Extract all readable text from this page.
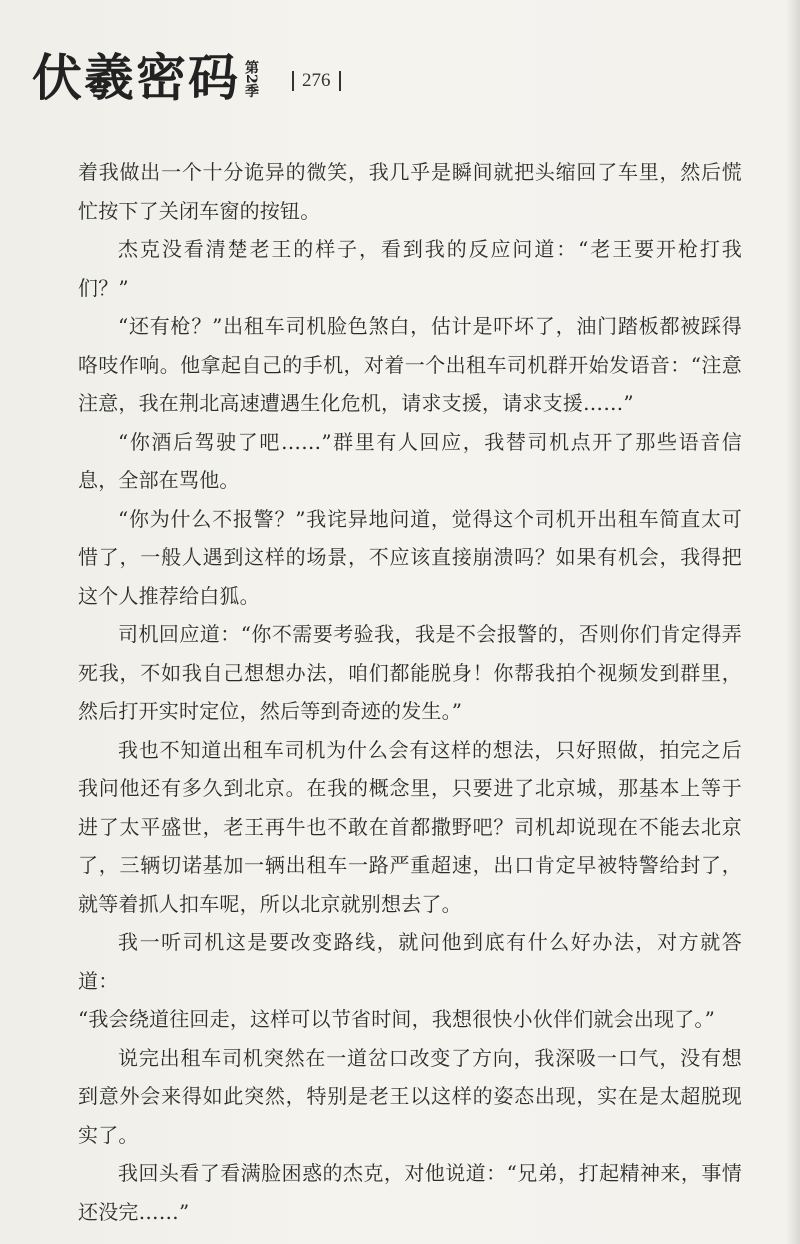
伏羲密码 第2季 276

着我做出一个十分诡异的微笑，我几乎是瞬间就把头缩回了车里，然后慌忙按下了关闭车窗的按钮。

杰克没看清楚老王的样子，看到我的反应问道：“老王要开枪打我们？”

“还有枪？”出租车司机脸色煞白，估计是吓坏了，油门踏板都被踩得咯吱作响。他拿起自己的手机，对着一个出租车司机群开始发语音：“注意注意，我在荆北高速遭遇生化危机，请求支援，请求支援……”

“你酒后驾驶了吧……”群里有人回应，我替司机点开了那些语音信息，全部在骂他。

“你为什么不报警？”我诧异地问道，觉得这个司机开出租车简直太可惜了，一般人遇到这样的场景，不应该直接崩溃吗？如果有机会，我得把这个人推荐给白狐。

司机回应道：“你不需要考验我，我是不会报警的，否则你们肯定得弄死我，不如我自己想想办法，咱们都能脱身！你帮我拍个视频发到群里，然后打开实时定位，然后等到奇迹的发生。”

我也不知道出租车司机为什么会有这样的想法，只好照做，拍完之后我问他还有多久到北京。在我的概念里，只要进了北京城，那基本上等于进了太平盛世，老王再牛也不敢在首都撒野吧？司机却说现在不能去北京了，三辆切诺基加一辆出租车一路严重超速，出口肯定早被特警给封了，就等着抓人扣车呢，所以北京就别想去了。

我一听司机这是要改变路线，就问他到底有什么好办法，对方就答道：

“我会绕道往回走，这样可以节省时间，我想很快小伙伴们就会出现了。”

说完出租车司机突然在一道岔口改变了方向，我深吸一口气，没有想到意外会来得如此突然，特别是老王以这样的姿态出现，实在是太超脱现实了。

我回头看了看满脸困惑的杰克，对他说道：“兄弟，打起精神来，事情还没完……”
